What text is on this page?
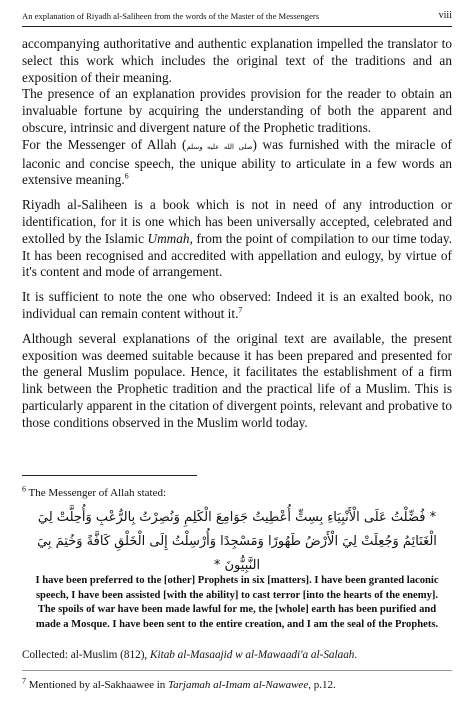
An explanation of Riyadh al-Saliheen from the words of the Master of the Messengers	viii

accompanying authoritative and authentic explanation impelled the translator to select this work which includes the original text of the traditions and an exposition of their meaning.

The presence of an explanation provides provision for the reader to obtain an invaluable fortune by acquiring the understanding of both the apparent and obscure, intrinsic and divergent nature of the Prophetic traditions.

For the Messenger of Allah (صلى الله عليه وسلم) was furnished with the miracle of laconic and concise speech, the unique ability to articulate in a few words an extensive meaning.$^6$

Riyadh al-Saliheen is a book which is not in need of any introduction or identification, for it is one which has been universally accepted, celebrated and extolled by the Islamic Ummah, from the point of compilation to our time today. It has been recognised and accredited with appellation and eulogy, by virtue of it's content and mode of arrangement.

It is sufficient to note the one who observed: Indeed it is an exalted book, no individual can remain content without it.$^7$

Although several explanations of the original text are available, the present exposition was deemed suitable because it has been prepared and presented for the general Muslim populace. Hence, it facilitates the establishment of a firm link between the Prophetic tradition and the practical life of a Muslim. This is particularly apparent in the citation of divergent points, relevant and probative to those conditions observed in the Muslim world today.

$^6$ The Messenger of Allah stated:
* فُضِّلْتُ عَلَى الْأَنْبِيَاءِ بِسِتٍّ أُعْطِيتُ جَوَامِعَ الْكَلِمِ وَنُصِرْتُ بِالرُّعْبِ وَأُحِلَّتْ لِيَ الْغَنَائِمُ وَجُعِلَتْ لِيَ الْأَرْضُ طَهُورًا وَمَسْجِدًا وَأُرْسِلْتُ إِلَى الْخَلْقِ كَافَّةً وَخُتِمَ بِيَ النَّبِيُّونَ *
I have been preferred to the [other] Prophets in six [matters]. I have been granted laconic speech, I have been assisted [with the ability] to cast terror [into the hearts of the enemy]. The spoils of war have been made lawful for me, the [whole] earth has been purified and made a Mosque. I have been sent to the entire creation, and I am the seal of the Prophets.
Collected: al-Muslim (812), Kitab al-Masaajid w al-Mawaadi'a al-Salaah.
$^7$ Mentioned by al-Sakhaawee in Tarjamah al-Imam al-Nawawee, p.12.
